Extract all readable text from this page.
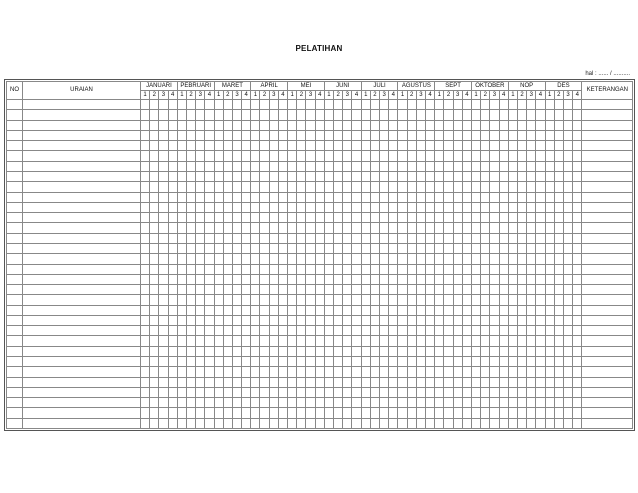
PELATIHAN
hal : ...... / ..........
NO	URAIAN	JANUARI				PEBRUARI				MARET				APRIL				MEI				JUNI				JULI				AGUSTUS				SEPT				OKTOBER				NOP				DES				KETERANGAN
		1	2	3	4	1	2	3	4	1	2	3	4	1	2	3	4	1	2	3	4	1	2	3	4	1	2	3	4	1	2	3	4	1	2	3	4	1	2	3	4	1	2	3	4	1	2	3	4	
